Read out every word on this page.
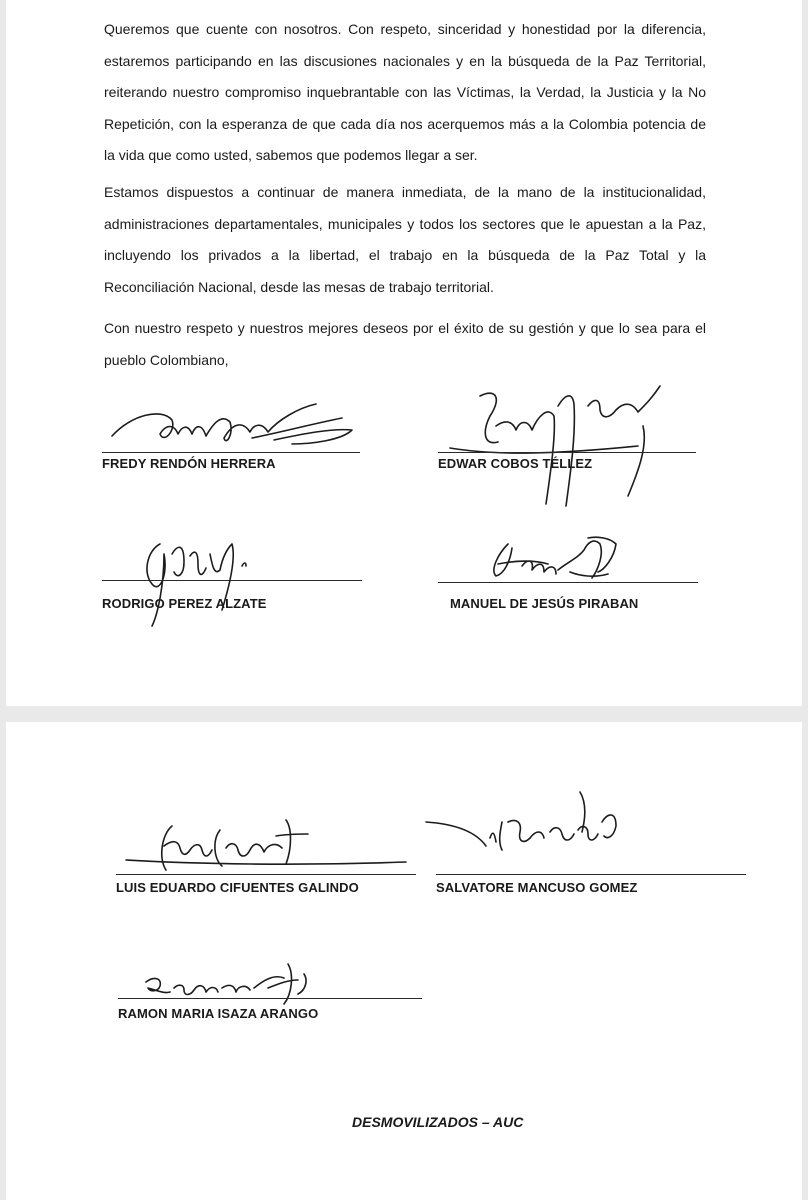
Queremos que cuente con nosotros. Con respeto, sinceridad y honestidad por la diferencia, estaremos participando en las discusiones nacionales y en la búsqueda de la Paz Territorial, reiterando nuestro compromiso inquebrantable con las Víctimas, la Verdad, la Justicia y la No Repetición, con la esperanza de que cada día nos acerquemos más a la Colombia potencia de la vida que como usted, sabemos que podemos llegar a ser.

Estamos dispuestos a continuar de manera inmediata, de la mano de la institucionalidad, administraciones departamentales, municipales y todos los sectores que le apuestan a la Paz, incluyendo los privados a la libertad, el trabajo en la búsqueda de la Paz Total y la Reconciliación Nacional, desde las mesas de trabajo territorial.

Con nuestro respeto y nuestros mejores deseos por el éxito de su gestión y que lo sea para el pueblo Colombiano,

FREDY RENDÓN HERRERA	EDWAR COBOS TÉLLEZ
RODRIGO PEREZ ALZATE	MANUEL DE JESÚS PIRABAN
LUIS EDUARDO CIFUENTES GALINDO	SALVATORE MANCUSO GOMEZ
RAMON MARIA ISAZA ARANGO
DESMOVILIZADOS – AUC
